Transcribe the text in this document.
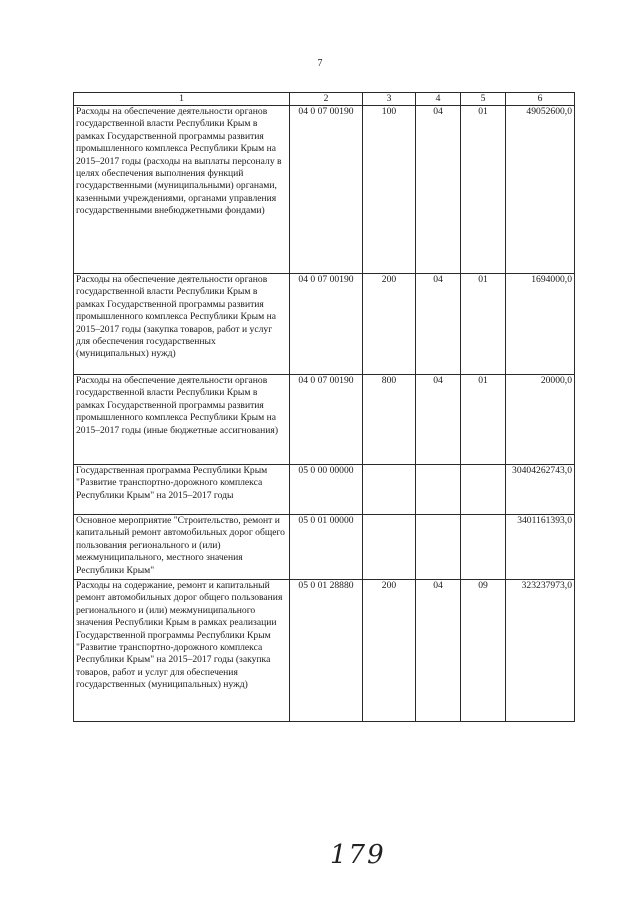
7
1	2	3	4	5	6
Расходы на обеспечение деятельности органов государственной власти Республики Крым в рамках Государственной программы развития промышленного комплекса Республики Крым на 2015–2017 годы (расходы на выплаты персоналу в целях обеспечения выполнения функций государственными (муниципальными) органами, казенными учреждениями, органами управления государственными внебюджетными фондами)	04 0 07 00190	100	04	01	49052600,0
Расходы на обеспечение деятельности органов государственной власти Республики Крым в рамках Государственной программы развития промышленного комплекса Республики Крым на 2015–2017 годы (закупка товаров, работ и услуг для обеспечения государственных (муниципальных) нужд)	04 0 07 00190	200	04	01	1694000,0
Расходы на обеспечение деятельности органов государственной власти Республики Крым в рамках Государственной программы развития промышленного комплекса Республики Крым на 2015–2017 годы (иные бюджетные ассигнования)	04 0 07 00190	800	04	01	20000,0
Государственная программа Республики Крым "Развитие транспортно-дорожного комплекса Республики Крым" на 2015–2017 годы	05 0 00 00000				30404262743,0
Основное мероприятие "Строительство, ремонт и капитальный ремонт автомобильных дорог общего пользования регионального и (или) межмуниципального, местного значения Республики Крым"	05 0 01 00000				3401161393,0
Расходы на содержание, ремонт и капитальный ремонт автомобильных дорог общего пользования регионального и (или) межмуниципального значения Республики Крым в рамках реализации Государственной программы Республики Крым "Развитие транспортно-дорожного комплекса Республики Крым" на 2015–2017 годы (закупка товаров, работ и услуг для обеспечения государственных (муниципальных) нужд)	05 0 01 28880	200	04	09	323237973,0
179
